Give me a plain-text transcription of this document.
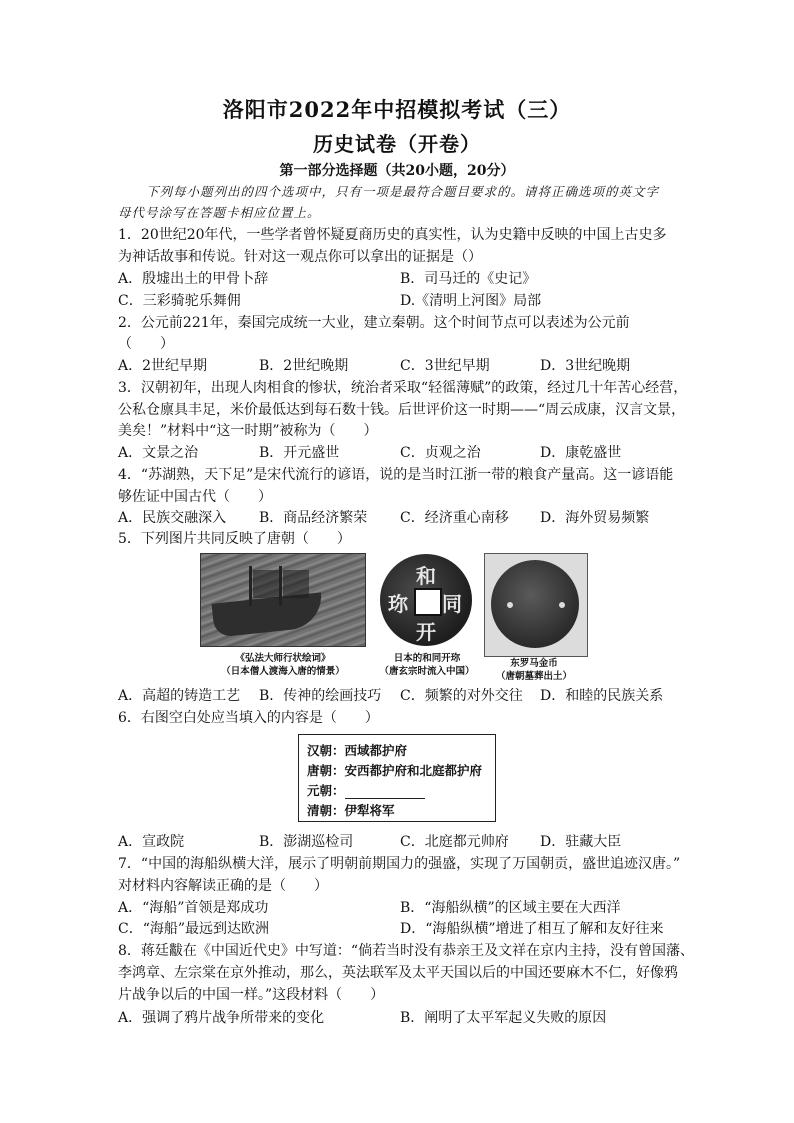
洛阳市2022年中招模拟考试（三）
历史试卷（开卷）
第一部分选择题（共20小题，20分）
下列每小题列出的四个选项中，只有一项是最符合题目要求的。请将正确选项的英文字
母代号涂写在答题卡相应位置上。
1．20世纪20年代，一些学者曾怀疑夏商历史的真实性，认为史籍中反映的中国上古史多
为神话故事和传说。针对这一观点你可以拿出的证据是（）
A．殷墟出土的甲骨卜辞	B．司马迁的《史记》
C．三彩骑驼乐舞佣	D.《清明上河图》局部
2．公元前221年，秦国完成统一大业，建立秦朝。这个时间节点可以表述为公元前
（　　）
A．2世纪早期	B．2世纪晚期	C．3世纪早期	D．3世纪晚期
3．汉朝初年，出现人肉相食的惨状，统治者采取“轻徭薄赋”的政策，经过几十年苦心经营，
公私仓廪具丰足，米价最低达到每石数十钱。后世评价这一时期——“周云成康，汉言文景，
美矣！”材料中“这一时期”被称为（　　）
A．文景之治	B．开元盛世	C．贞观之治	D．康乾盛世
4．“苏湖熟，天下足”是宋代流行的谚语，说的是当时江浙一带的粮食产量高。这一谚语能
够佐证中国古代（　　）
A．民族交融深入 B．商品经济繁荣 C．经济重心南移 D．海外贸易频繁
5．下列图片共同反映了唐朝（　　）
《弘法大师行状绘词》
（日本僧人渡海入唐的情景）
和
同
开
珎
日本的和同开珎
（唐玄宗时流入中国）
东罗马金币
（唐朝墓葬出土）
A．高超的铸造工艺 B．传神的绘画技巧 C．频繁的对外交往 D．和睦的民族关系
6．右图空白处应当填入的内容是（　　）
汉朝：西域都护府
唐朝：安西都护府和北庭都护府
元朝：
清朝：伊犁将军
A．宣政院	B．澎湖巡检司	C．北庭都元帅府 D．驻藏大臣
7．“中国的海船纵横大洋，展示了明朝前期国力的强盛，实现了万国朝贡，盛世追迹汉唐。”
对材料内容解读正确的是（　　）
A．“海船”首领是郑成功	B．“海船纵横”的区域主要在大西洋
C．“海船”最远到达欧洲	D．“海船纵横”增进了相互了解和友好往来
8．蒋廷黻在《中国近代史》中写道：“倘若当时没有恭亲王及文祥在京内主持，没有曾国藩、
李鸿章、左宗棠在京外推动，那么，英法联军及太平天国以后的中国还要麻木不仁，好像鸦
片战争以后的中国一样。”这段材料（　　）
A．强调了鸦片战争所带来的变化	B．阐明了太平军起义失败的原因
